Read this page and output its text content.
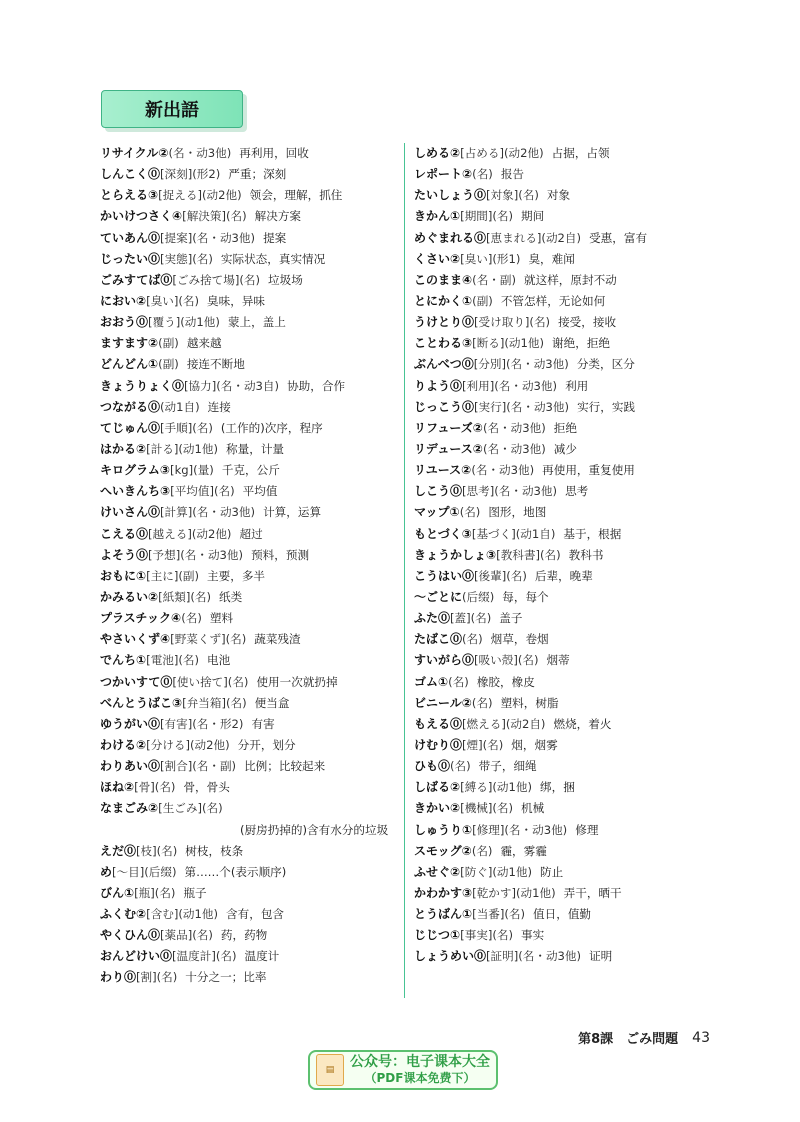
新出語
リサイクル②(名・动3他) 再利用，回收
しんこく⓪[深刻](形2) 严重；深刻
とらえる③[捉える](动2他) 领会，理解，抓住
かいけつさく④[解決策](名) 解决方案
ていあん⓪[提案](名・动3他) 提案
じったい⓪[実態](名) 实际状态，真实情况
ごみすてば⓪[ごみ捨て場](名) 垃圾场
におい②[臭い](名) 臭味，异味
おおう⓪[覆う](动1他) 蒙上，盖上
ますます②(副) 越来越
どんどん①(副) 接连不断地
きょうりょく⓪[協力](名・动3自) 协助，合作
つながる⓪(动1自) 连接
てじゅん⓪[手順](名) (工作的)次序，程序
はかる②[計る](动1他) 称量，计量
キログラム③[kg](量) 千克，公斤
へいきんち③[平均值](名) 平均值
けいさん⓪[計算](名・动3他) 计算，运算
こえる⓪[越える](动2他) 超过
よそう⓪[予想](名・动3他) 预料，预测
おもに①[主に](副) 主要，多半
かみるい②[紙類](名) 纸类
プラスチック④(名) 塑料
やさいくず④[野菜くず](名) 蔬菜残渣
でんち①[電池](名) 电池
つかいすて⓪[使い捨て](名) 使用一次就扔掉
べんとうばこ③[弁当箱](名) 便当盒
ゆうがい⓪[有害](名・形2) 有害
わける②[分ける](动2他) 分开，划分
わりあい⓪[割合](名・副) 比例；比较起来
ほね②[骨](名) 骨，骨头
なまごみ②[生ごみ](名)
(厨房扔掉的)含有水分的垃圾
えだ⓪[枝](名) 树枝，枝条
め[～目](后缀) 第……个(表示顺序)
びん①[瓶](名) 瓶子
ふくむ②[含む](动1他) 含有，包含
やくひん⓪[薬品](名) 药，药物
おんどけい⓪[温度計](名) 温度计
わり⓪[割](名) 十分之一；比率
しめる②[占める](动2他) 占据，占领
レポート②(名) 报告
たいしょう⓪[対象](名) 对象
きかん①[期間](名) 期间
めぐまれる⓪[恵まれる](动2自) 受惠，富有
くさい②[臭い](形1) 臭，难闻
このまま④(名・副) 就这样，原封不动
とにかく①(副) 不管怎样，无论如何
うけとり⓪[受け取り](名) 接受，接收
ことわる③[断る](动1他) 谢绝，拒绝
ぶんべつ⓪[分別](名・动3他) 分类，区分
りよう⓪[利用](名・动3他) 利用
じっこう⓪[実行](名・动3他) 实行，实践
リフューズ②(名・动3他) 拒绝
リデュース②(名・动3他) 减少
リユース②(名・动3他) 再使用，重复使用
しこう⓪[思考](名・动3他) 思考
マップ①(名) 图形，地图
もとづく③[基づく](动1自) 基于，根据
きょうかしょ③[教科書](名) 教科书
こうはい⓪[後輩](名) 后辈，晚辈
～ごとに(后缀) 每，每个
ふた⓪[蓋](名) 盖子
たばこ⓪(名) 烟草，卷烟
すいがら⓪[吸い殻](名) 烟蒂
ゴム①(名) 橡胶，橡皮
ビニール②(名) 塑料，树脂
もえる⓪[燃える](动2自) 燃烧，着火
けむり⓪[煙](名) 烟，烟雾
ひも⓪(名) 带子，细绳
しばる②[縛る](动1他) 绑，捆
きかい②[機械](名) 机械
しゅうり①[修理](名・动3他) 修理
スモッグ②(名) 霾，雾霾
ふせぐ②[防ぐ](动1他) 防止
かわかす③[乾かす](动1他) 弄干，晒干
とうばん①[当番](名) 值日，值勤
じじつ①[事実](名) 事实
しょうめい⓪[証明](名・动3他) 证明
第8課　ごみ問題 43
▤	公众号：电子课本大全
（PDF课本免费下）
